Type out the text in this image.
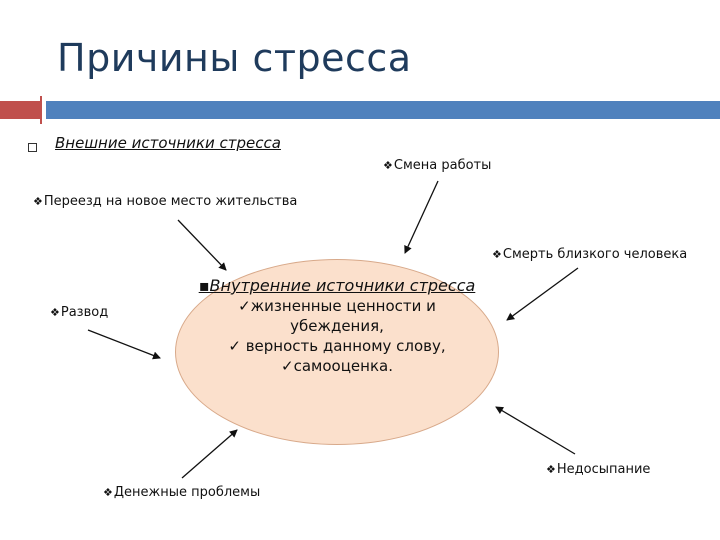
Причины стресса
Внешние источники стресса
❖Смена работы
❖Переезд на новое место жительства
❖Смерть близкого человека
❖Развод
❖Недосыпание
❖Денежные проблемы
▪Внутренние источники стресса
✓жизненные ценности и убеждения,
✓ верность данному слову,
✓самооценка.
